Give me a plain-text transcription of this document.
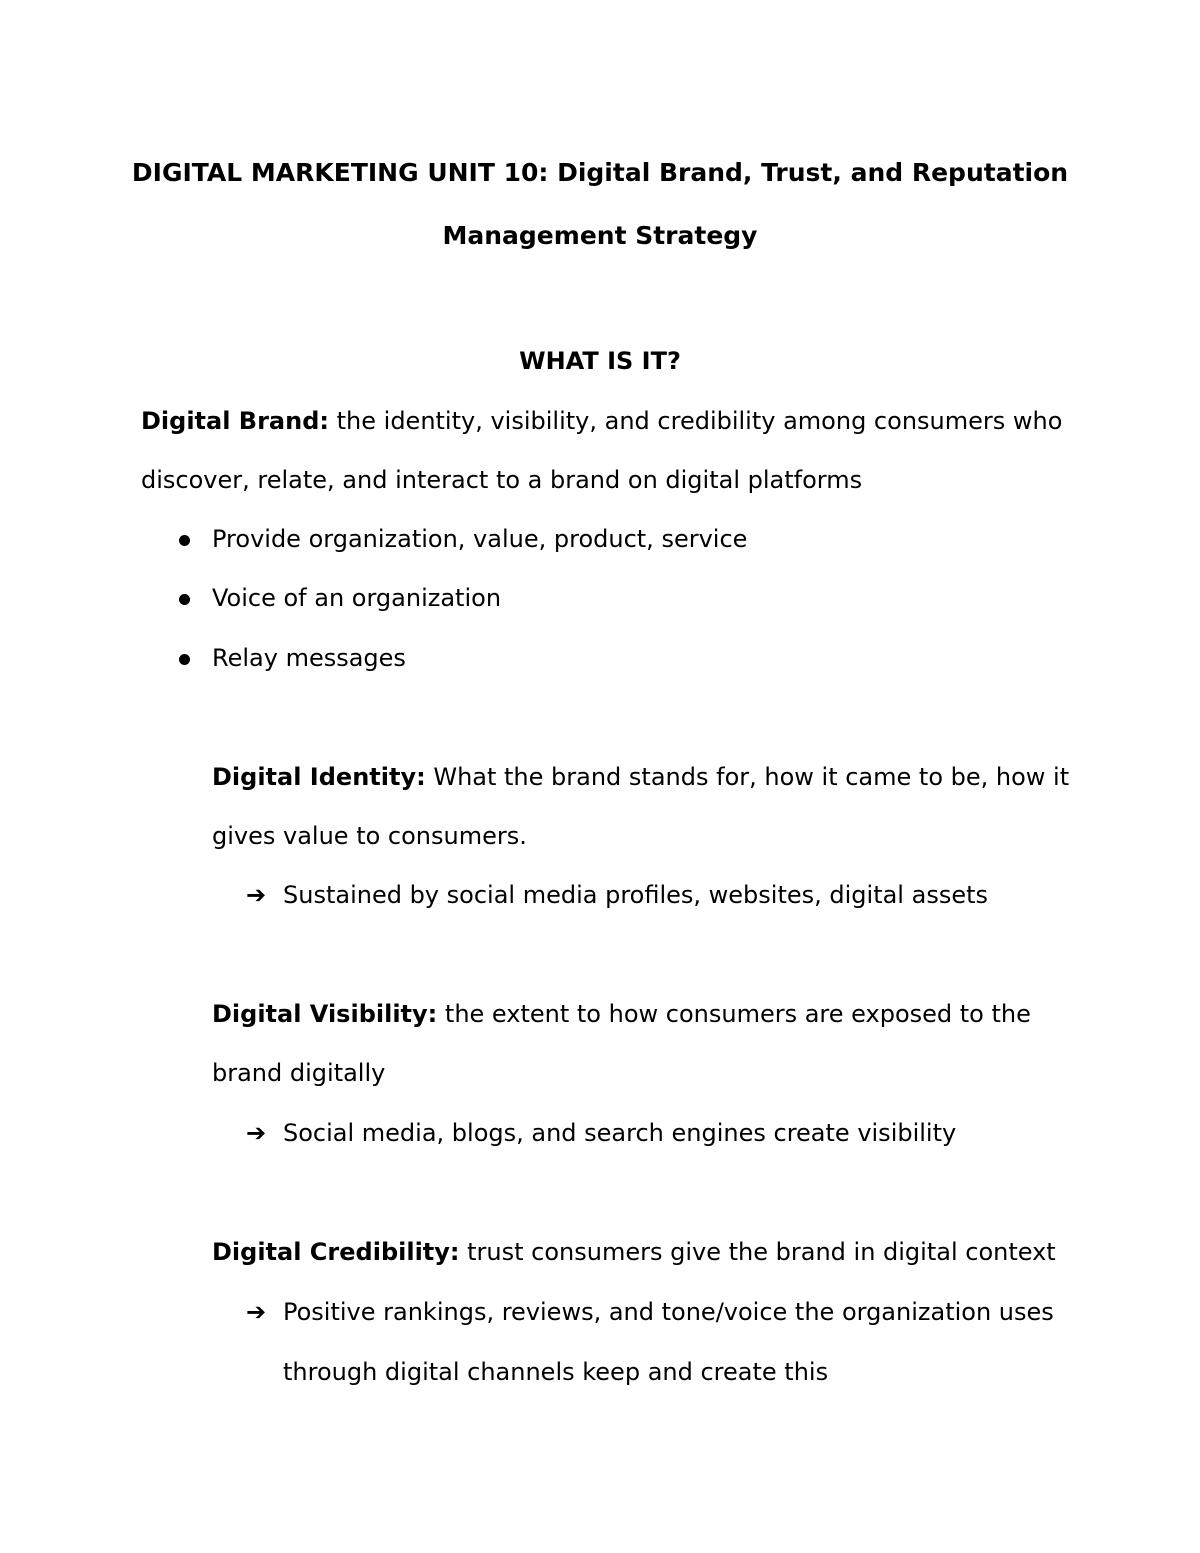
DIGITAL MARKETING UNIT 10: Digital Brand, Trust, and Reputation
Management Strategy
WHAT IS IT?
Digital Brand: the identity, visibility, and credibility among consumers who
discover, relate, and interact to a brand on digital platforms
Provide organization, value, product, service
Voice of an organization
Relay messages
Digital Identity: What the brand stands for, how it came to be, how it
gives value to consumers.
➔ Sustained by social media profiles, websites, digital assets
Digital Visibility: the extent to how consumers are exposed to the
brand digitally
➔ Social media, blogs, and search engines create visibility
Digital Credibility: trust consumers give the brand in digital context
➔ Positive rankings, reviews, and tone/voice the organization uses
through digital channels keep and create this
